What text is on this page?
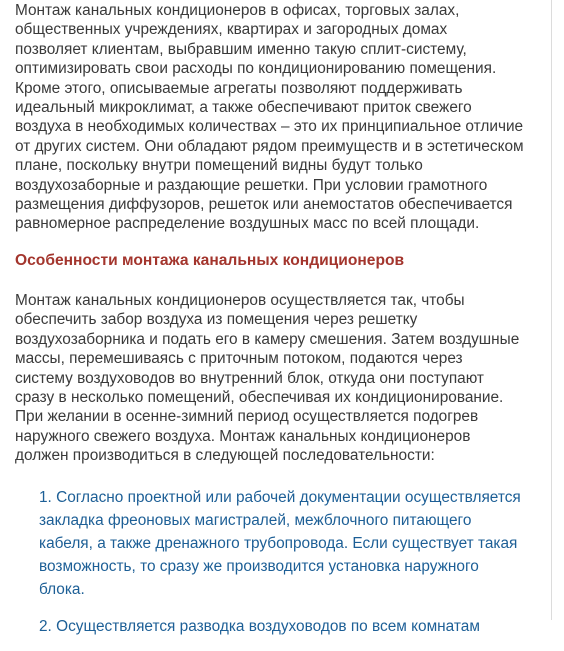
Монтаж канальных кондиционеров в офисах, торговых залах,
общественных учреждениях, квартирах и загородных домах
позволяет клиентам, выбравшим именно такую сплит-систему,
оптимизировать свои расходы по кондиционированию помещения.
Кроме этого, описываемые агрегаты позволяют поддерживать
идеальный микроклимат, а также обеспечивают приток свежего
воздуха в необходимых количествах – это их принципиальное отличие
от других систем. Они обладают рядом преимуществ и в эстетическом
плане, поскольку внутри помещений видны будут только
воздухозаборные и раздающие решетки. При условии грамотного
размещения диффузоров, решеток или анемостатов обеспечивается
равномерное распределение воздушных масс по всей площади.

Особенности монтажа канальных кондиционеров

Монтаж канальных кондиционеров осуществляется так, чтобы
обеспечить забор воздуха из помещения через решетку
воздухозаборника и подать его в камеру смешения. Затем воздушные
массы, перемешиваясь с приточным потоком, подаются через
систему воздуховодов во внутренний блок, откуда они поступают
сразу в несколько помещений, обеспечивая их кондиционирование.
При желании в осенне-зимний период осуществляется подогрев
наружного свежего воздуха. Монтаж канальных кондиционеров
должен производиться в следующей последовательности:

1. Согласно проектной или рабочей документации осуществляется
закладка фреоновых магистралей, межблочного питающего
кабеля, а также дренажного трубопровода. Если существует такая
возможность, то сразу же производится установка наружного
блока.
2. Осуществляется разводка воздуховодов по всем комнатам
